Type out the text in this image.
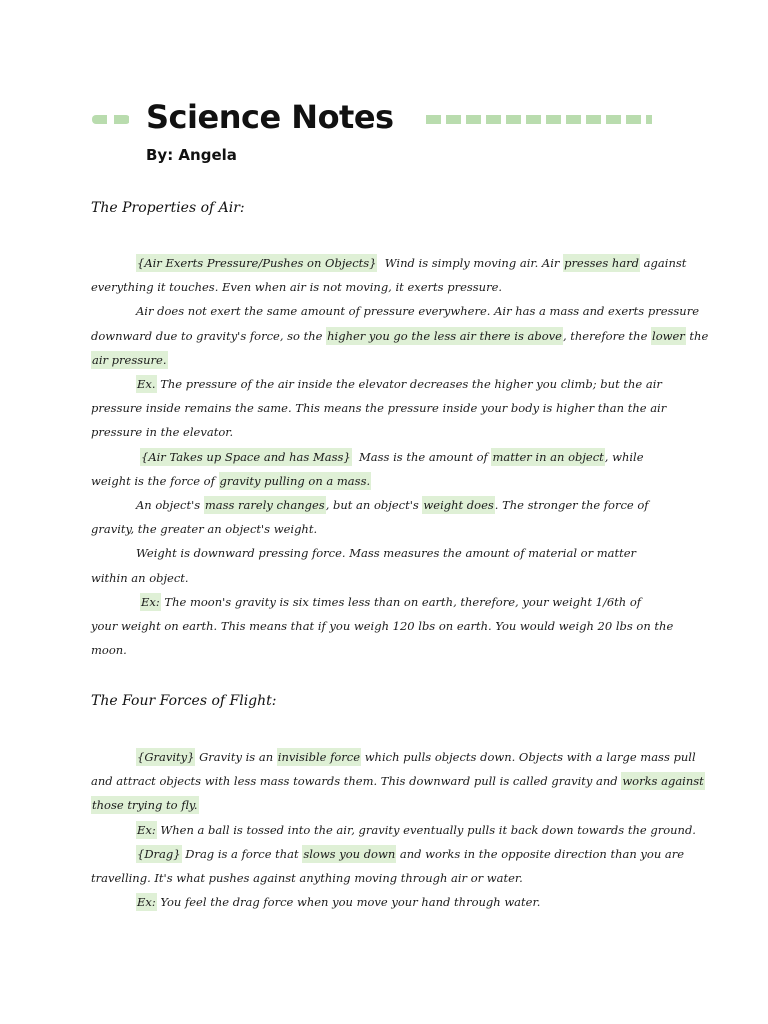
Science Notes

By: Angela

The Properties of Air:
{Air Exerts Pressure/Pushes on Objects}  Wind is simply moving air. Air presses hard against
everything it touches. Even when air is not moving, it exerts pressure.
Air does not exert the same amount of pressure everywhere. Air has a mass and exerts pressure
downward due to gravity's force, so the higher you go the less air there is above, therefore the lower the
air pressure.
Ex. The pressure of the air inside the elevator decreases the higher you climb; but the air
pressure inside remains the same. This means the pressure inside your body is higher than the air
pressure in the elevator.
{Air Takes up Space and has Mass}  Mass is the amount of matter in an object, while
weight is the force of gravity pulling on a mass.
An object's mass rarely changes, but an object's weight does. The stronger the force of
gravity, the greater an object's weight.
Weight is downward pressing force. Mass measures the amount of material or matter
within an object.
Ex: The moon's gravity is six times less than on earth, therefore, your weight 1/6th of
your weight on earth. This means that if you weigh 120 lbs on earth. You would weigh 20 lbs on the
moon.
The Four Forces of Flight:
{Gravity} Gravity is an invisible force which pulls objects down. Objects with a large mass pull
and attract objects with less mass towards them. This downward pull is called gravity and works against
those trying to fly.
Ex: When a ball is tossed into the air, gravity eventually pulls it back down towards the ground.
{Drag} Drag is a force that slows you down and works in the opposite direction than you are
travelling. It's what pushes against anything moving through air or water.
Ex: You feel the drag force when you move your hand through water.
